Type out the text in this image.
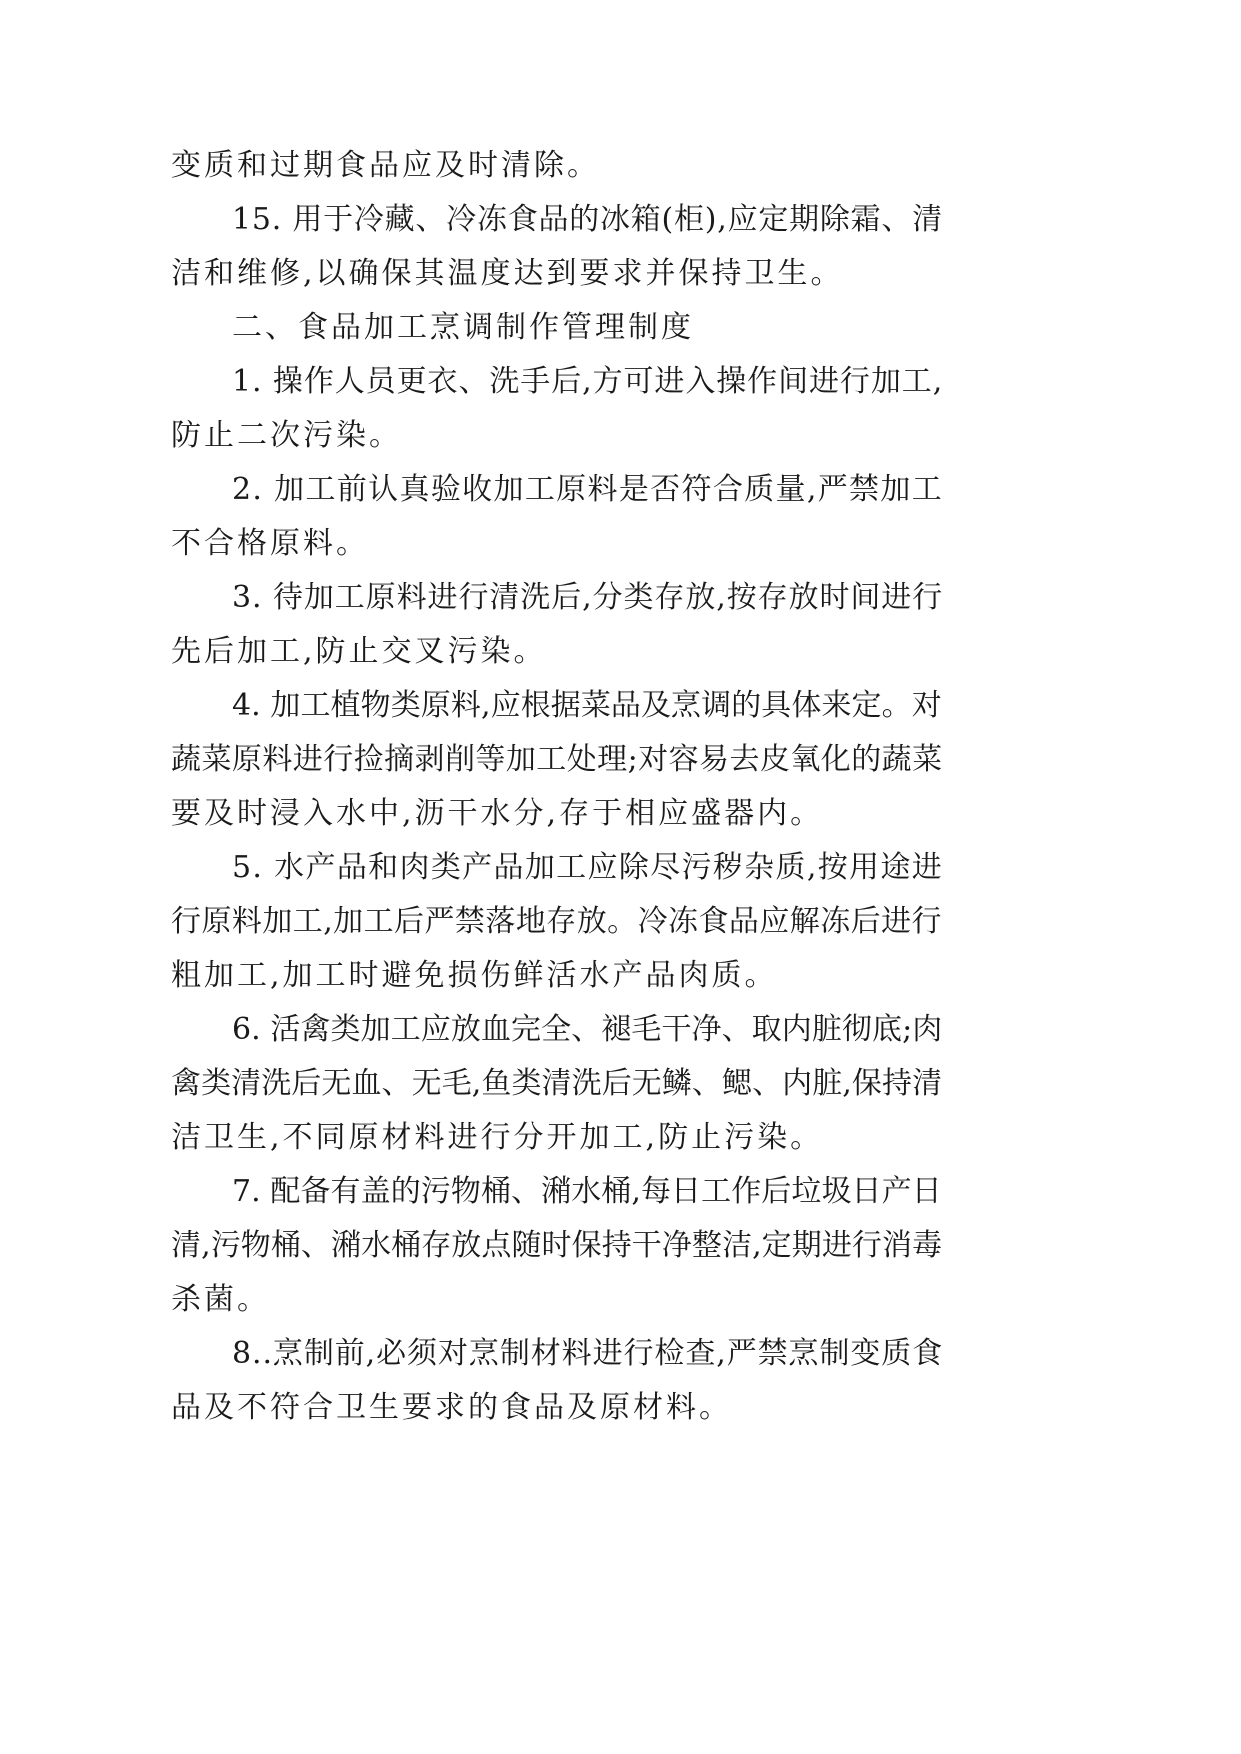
变质和过期食品应及时清除。
15. 用于冷藏、冷冻食品的冰箱(柜),应定期除霜、清
洁和维修,以确保其温度达到要求并保持卫生。
二、食品加工烹调制作管理制度
1. 操作人员更衣、洗手后,方可进入操作间进行加工,
防止二次污染。
2. 加工前认真验收加工原料是否符合质量,严禁加工
不合格原料。
3. 待加工原料进行清洗后,分类存放,按存放时间进行
先后加工,防止交叉污染。
4. 加工植物类原料,应根据菜品及烹调的具体来定。对
蔬菜原料进行捡摘剥削等加工处理;对容易去皮氧化的蔬菜
要及时浸入水中,沥干水分,存于相应盛器内。
5. 水产品和肉类产品加工应除尽污秽杂质,按用途进
行原料加工,加工后严禁落地存放。冷冻食品应解冻后进行
粗加工,加工时避免损伤鲜活水产品肉质。
6. 活禽类加工应放血完全、褪毛干净、取内脏彻底;肉
禽类清洗后无血、无毛,鱼类清洗后无鳞、鳃、内脏,保持清
洁卫生,不同原材料进行分开加工,防止污染。
7. 配备有盖的污物桶、潲水桶,每日工作后垃圾日产日
清,污物桶、潲水桶存放点随时保持干净整洁,定期进行消毒
杀菌。
8..烹制前,必须对烹制材料进行检查,严禁烹制变质食
品及不符合卫生要求的食品及原材料。
